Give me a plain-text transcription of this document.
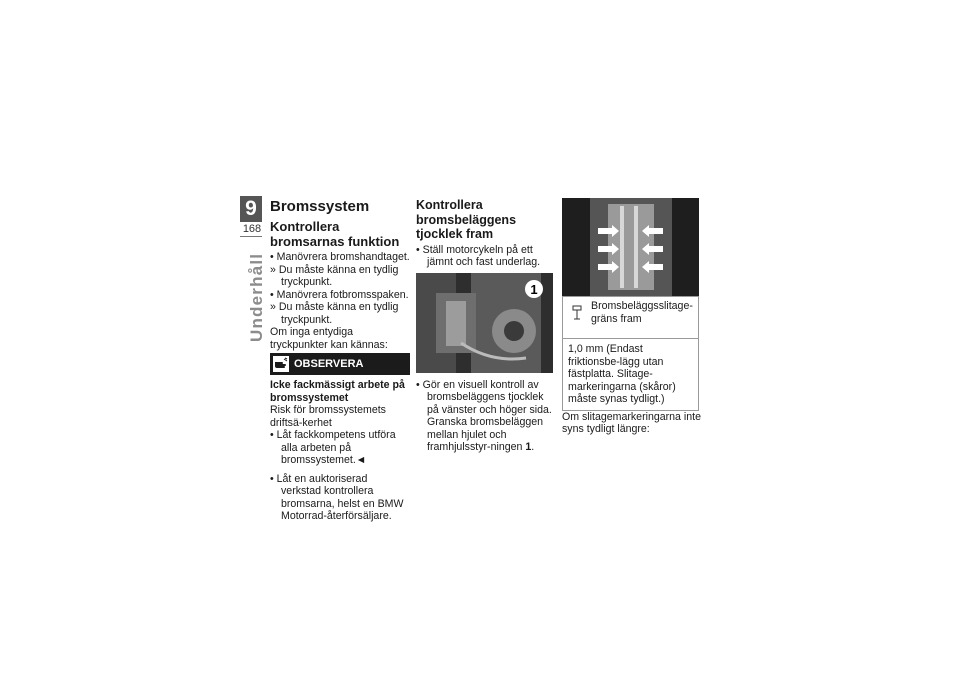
9
168
Underhåll
Bromssystem
Kontrollera bromsarnas funktion

• Manövrera bromshandtaget.

» Du måste känna en tydlig tryckpunkt.

• Manövrera fotbromsspaken.

» Du måste känna en tydlig tryckpunkt.

Om inga entydiga tryckpunkter kan kännas:

OBSERVERA

Icke fackmässigt arbete på bromssystemet

Risk för bromssystemets driftsä-kerhet

• Låt fackkompetens utföra alla arbeten på bromssystemet.◄

• Låt en auktoriserad verkstad kontrollera bromsarna, helst en BMW Motorrad-återförsäljare.

Kontrollera bromsbeläggens tjocklek fram

• Ställ motorcykeln på ett jämnt och fast underlag.

1

• Gör en visuell kontroll av bromsbeläggens tjocklek på vänster och höger sida. Granska bromsbeläggen mellan hjulet och framhjulsstyr-ningen 1.

Bromsbeläggsslitage-gräns fram
1,0 mm (Endast friktionsbe-lägg utan fästplatta. Slitage-markeringarna (skåror) måste synas tydligt.)

Om slitagemarkeringarna inte syns tydligt längre:
